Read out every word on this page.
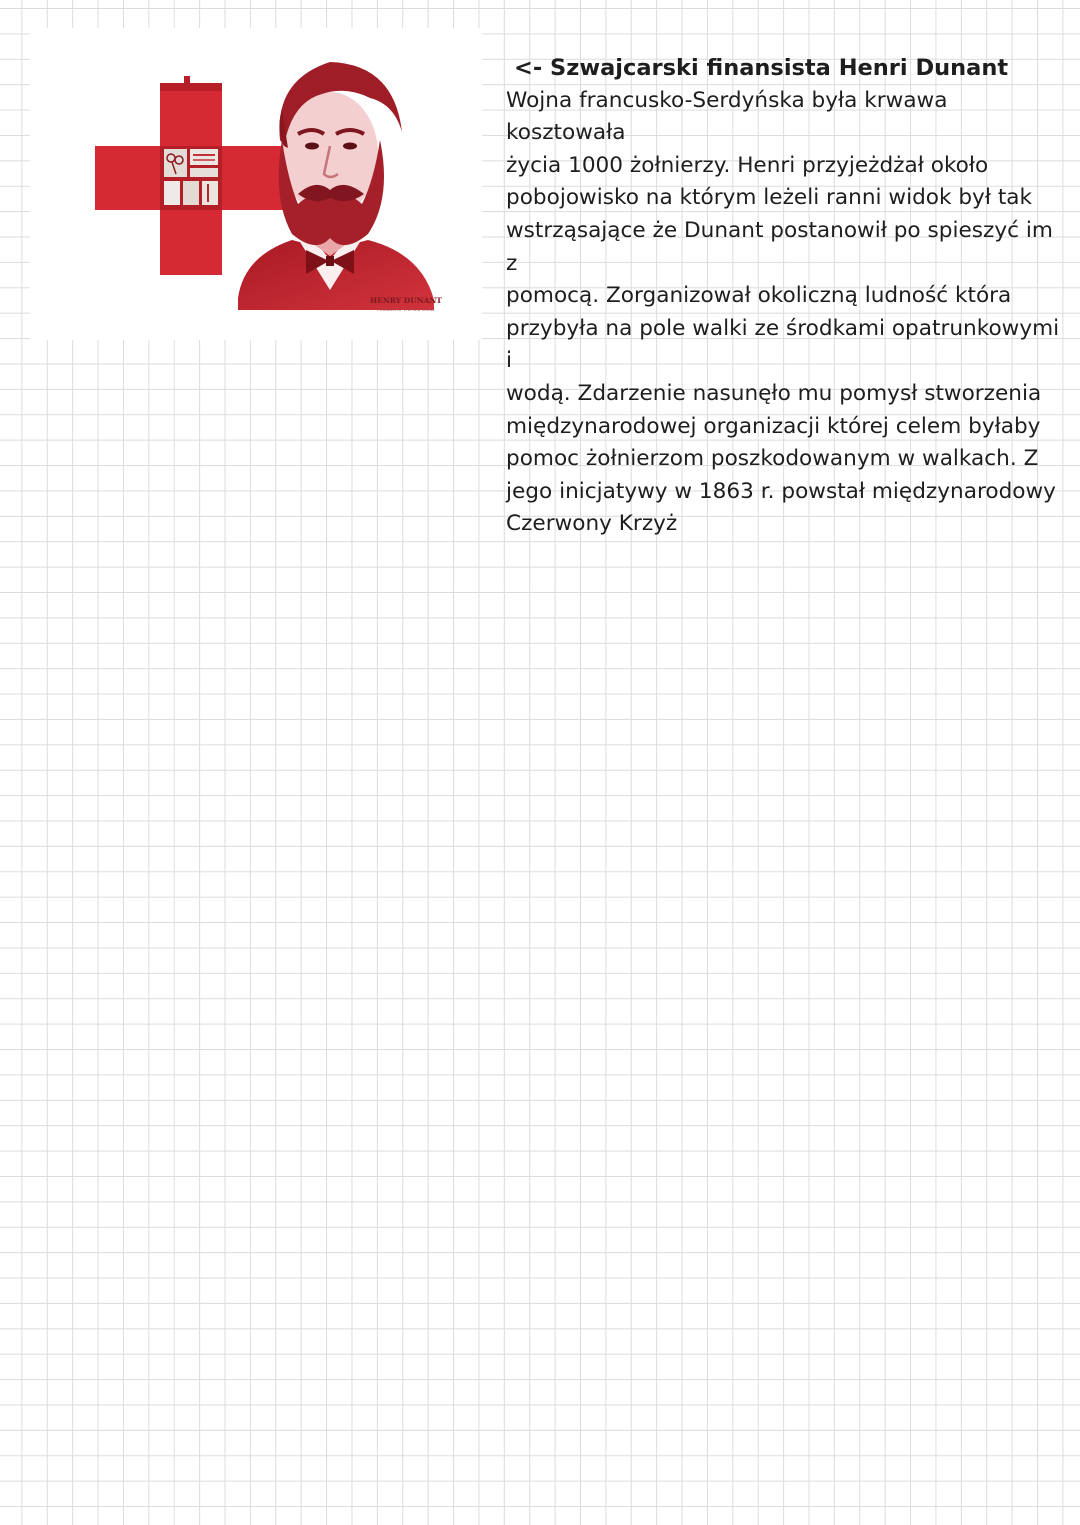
HENRY DUNANT
FOUNDER OF THE RED CROSS
<- Szwajcarski finansista Henri Dunant

Wojna francusko-Serdyńska była krwawa kosztowała
życia 1000 żołnierzy. Henri przyjeżdżał około
pobojowisko na którym leżeli ranni widok był tak
wstrząsające że Dunant postanowił po spieszyć im z
pomocą. Zorganizował okoliczną ludność która
przybyła na pole walki ze środkami opatrunkowymi i
wodą. Zdarzenie nasunęło mu pomysł stworzenia
międzynarodowej organizacji której celem byłaby
pomoc żołnierzom poszkodowanym w walkach. Z
jego inicjatywy w 1863 r. powstał międzynarodowy
Czerwony Krzyż
